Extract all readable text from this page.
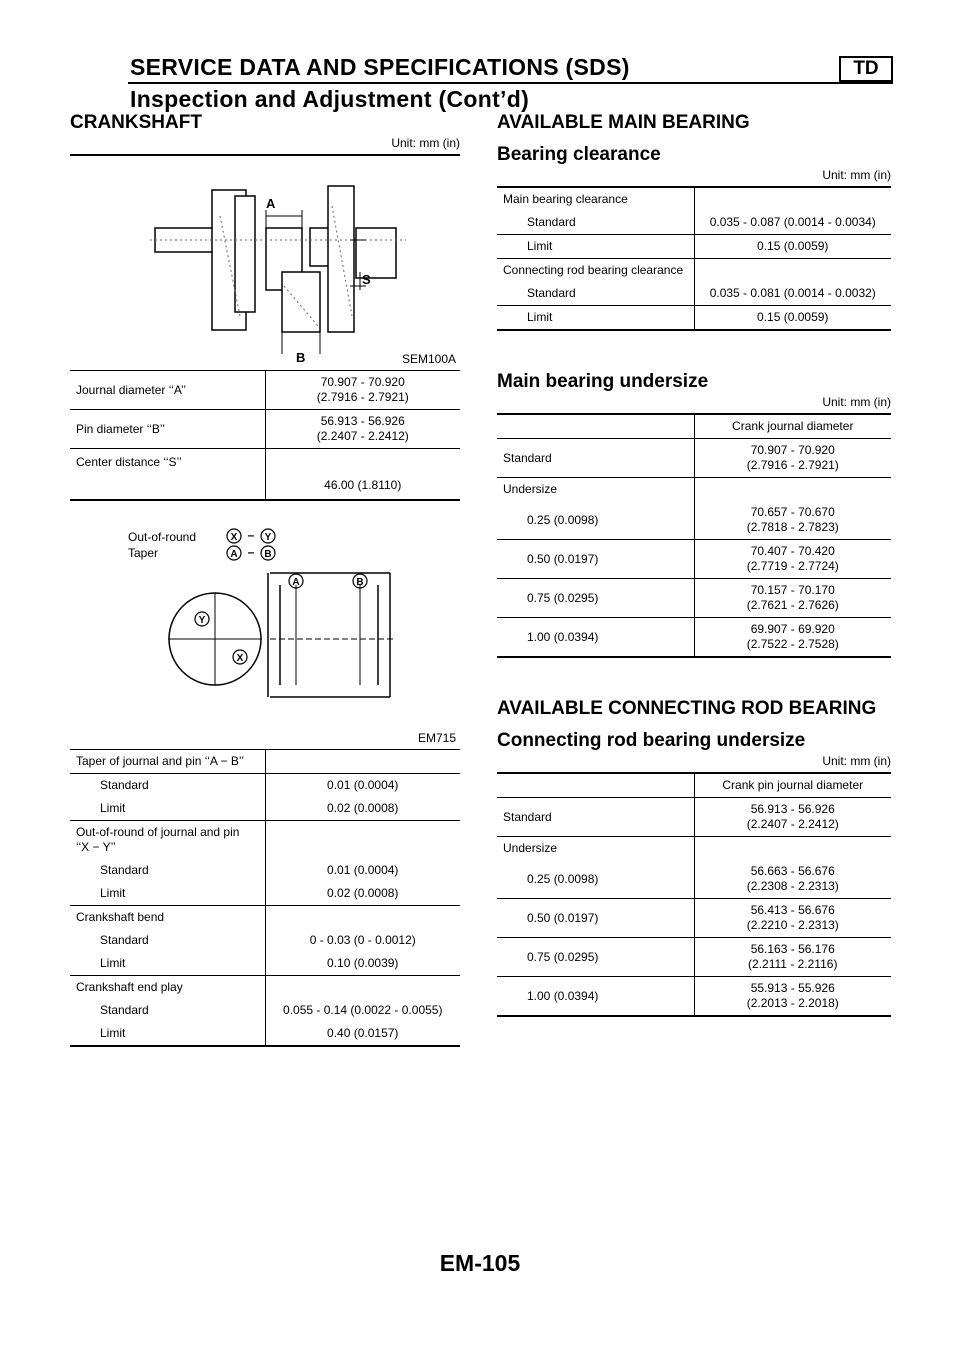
SERVICE DATA AND SPECIFICATIONS (SDS)	TD
Inspection and Adjustment (Cont’d)
CRANKSHAFT
Unit: mm (in)
A
B
S
SEM100A
Journal diameter ‘‘A’’	70.907 - 70.920
(2.7916 - 2.7921)

Pin diameter ‘‘B’’	56.913 - 56.926
(2.2407 - 2.2412)

Center distance ‘‘S’’	46.00 (1.8110)
Out-of-round
Taper
X	Y
A	B
–
–
Y
X
A	B
EM715
Taper of journal and pin ‘‘A − B’’	
Standard	0.01 (0.0004)
Limit	0.02 (0.0008)

Out-of-round of journal and pin
‘‘X − Y’’	

Standard	0.01 (0.0004)
Limit	0.02 (0.0008)
Crankshaft bend	
Standard	0 - 0.03 (0 - 0.0012)
Limit	0.10 (0.0039)
Crankshaft end play	
Standard	0.055 - 0.14 (0.0022 - 0.0055)
Limit	0.40 (0.0157)
AVAILABLE MAIN BEARING
Bearing clearance
Unit: mm (in)
Main bearing clearance	
Standard	0.035 - 0.087 (0.0014 - 0.0034)
Limit	0.15 (0.0059)
Connecting rod bearing clearance	
Standard	0.035 - 0.081 (0.0014 - 0.0032)
Limit	0.15 (0.0059)
Main bearing undersize
Unit: mm (in)
	Crank journal diameter
Standard	70.907 - 70.920
(2.7916 - 2.7921)

Undersize	
0.25 (0.0098)	70.657 - 70.670
(2.7818 - 2.7823)

0.50 (0.0197)	70.407 - 70.420
(2.7719 - 2.7724)

0.75 (0.0295)	70.157 - 70.170
(2.7621 - 2.7626)

1.00 (0.0394)	69.907 - 69.920
(2.7522 - 2.7528)
AVAILABLE CONNECTING ROD BEARING
Connecting rod bearing undersize
Unit: mm (in)
	Crank pin journal diameter
Standard	56.913 - 56.926
(2.2407 - 2.2412)

Undersize	
0.25 (0.0098)	56.663 - 56.676
(2.2308 - 2.2313)

0.50 (0.0197)	56.413 - 56.676
(2.2210 - 2.2313)

0.75 (0.0295)	56.163 - 56.176
(2.2111 - 2.2116)

1.00 (0.0394)	55.913 - 55.926
(2.2013 - 2.2018)
EM-105
